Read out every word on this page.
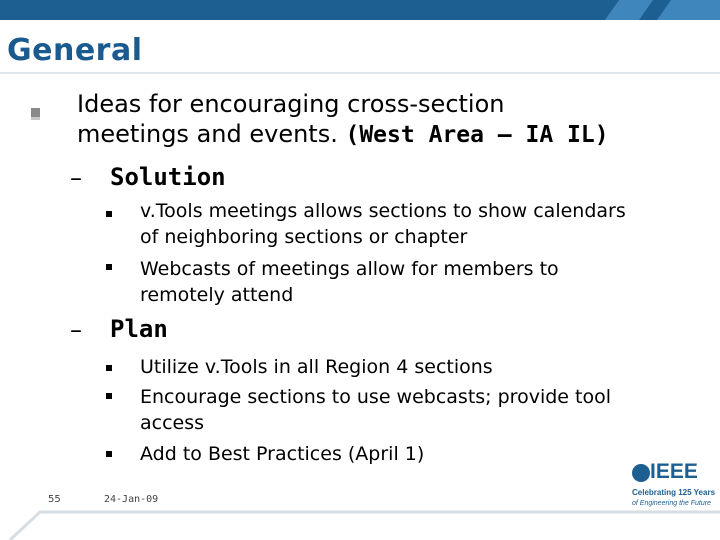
General
Ideas for encouraging cross-section
meetings and events. (West Area – IA IL)
– Solution
v.Tools meetings allows sections to show calendars
of neighboring sections or chapter
Webcasts of meetings allow for members to
remotely attend
– Plan
Utilize v.Tools in all Region 4 sections
Encourage sections to use webcasts; provide tool
access
Add to Best Practices (April 1)
55	24-Jan-09
IEEE
Celebrating 125 Years
of Engineering the Future
